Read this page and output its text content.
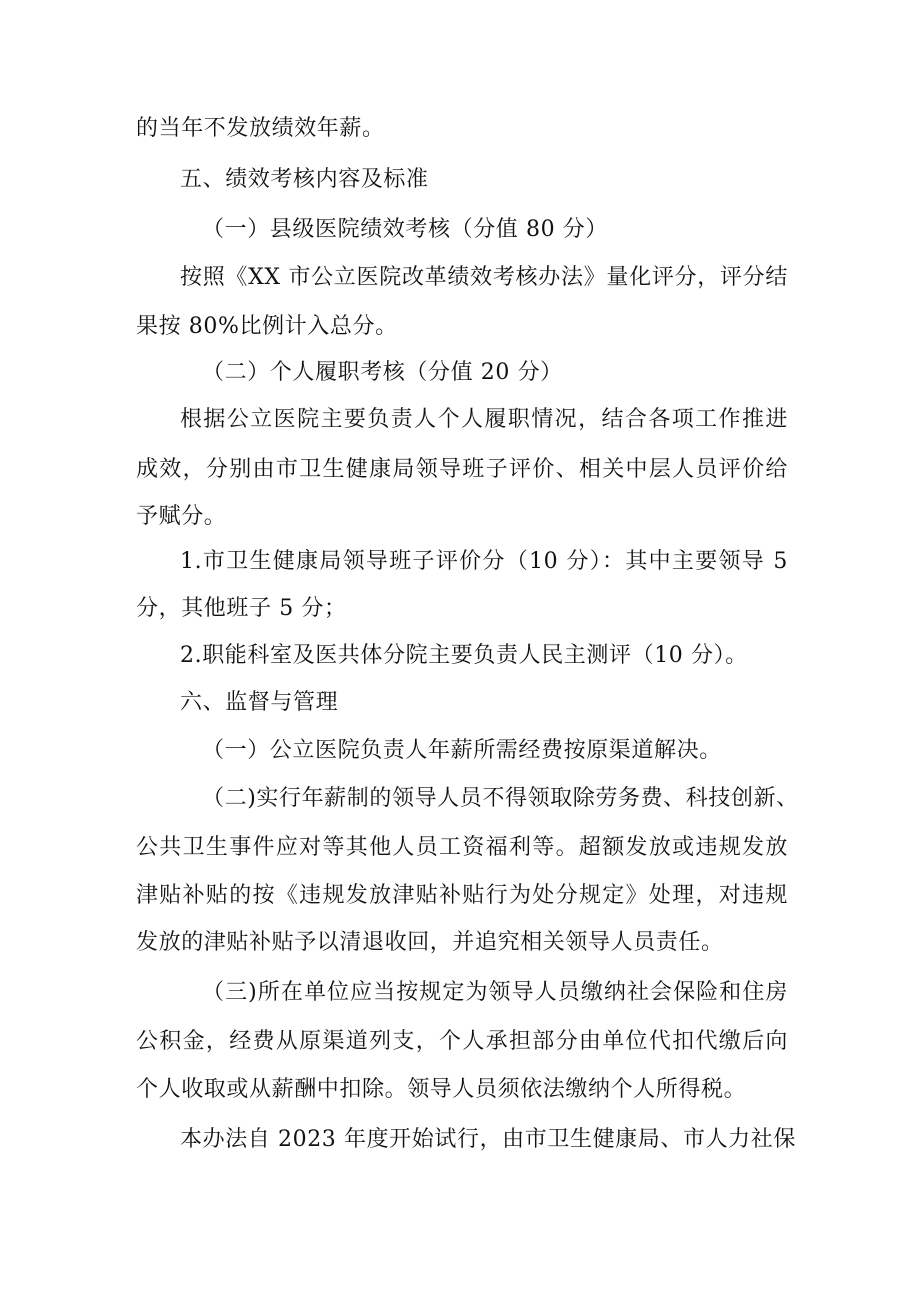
的当年不发放绩效年薪。
五、绩效考核内容及标准
（一）县级医院绩效考核（分值 80 分）
按照《XX 市公立医院改革绩效考核办法》量化评分，评分结
果按 80%比例计入总分。
（二）个人履职考核（分值 20 分）
根据公立医院主要负责人个人履职情况，结合各项工作推进
成效，分别由市卫生健康局领导班子评价、相关中层人员评价给
予赋分。
1.市卫生健康局领导班子评价分（10 分）：其中主要领导 5
分，其他班子 5 分；
2.职能科室及医共体分院主要负责人民主测评（10 分）。
六、监督与管理
（一）公立医院负责人年薪所需经费按原渠道解决。
（二)实行年薪制的领导人员不得领取除劳务费、科技创新、
公共卫生事件应对等其他人员工资福利等。超额发放或违规发放
津贴补贴的按《违规发放津贴补贴行为处分规定》处理，对违规
发放的津贴补贴予以清退收回，并追究相关领导人员责任。
（三)所在单位应当按规定为领导人员缴纳社会保险和住房
公积金，经费从原渠道列支，个人承担部分由单位代扣代缴后向
个人收取或从薪酬中扣除。领导人员须依法缴纳个人所得税。
本办法自 2023 年度开始试行，由市卫生健康局、市人力社保
